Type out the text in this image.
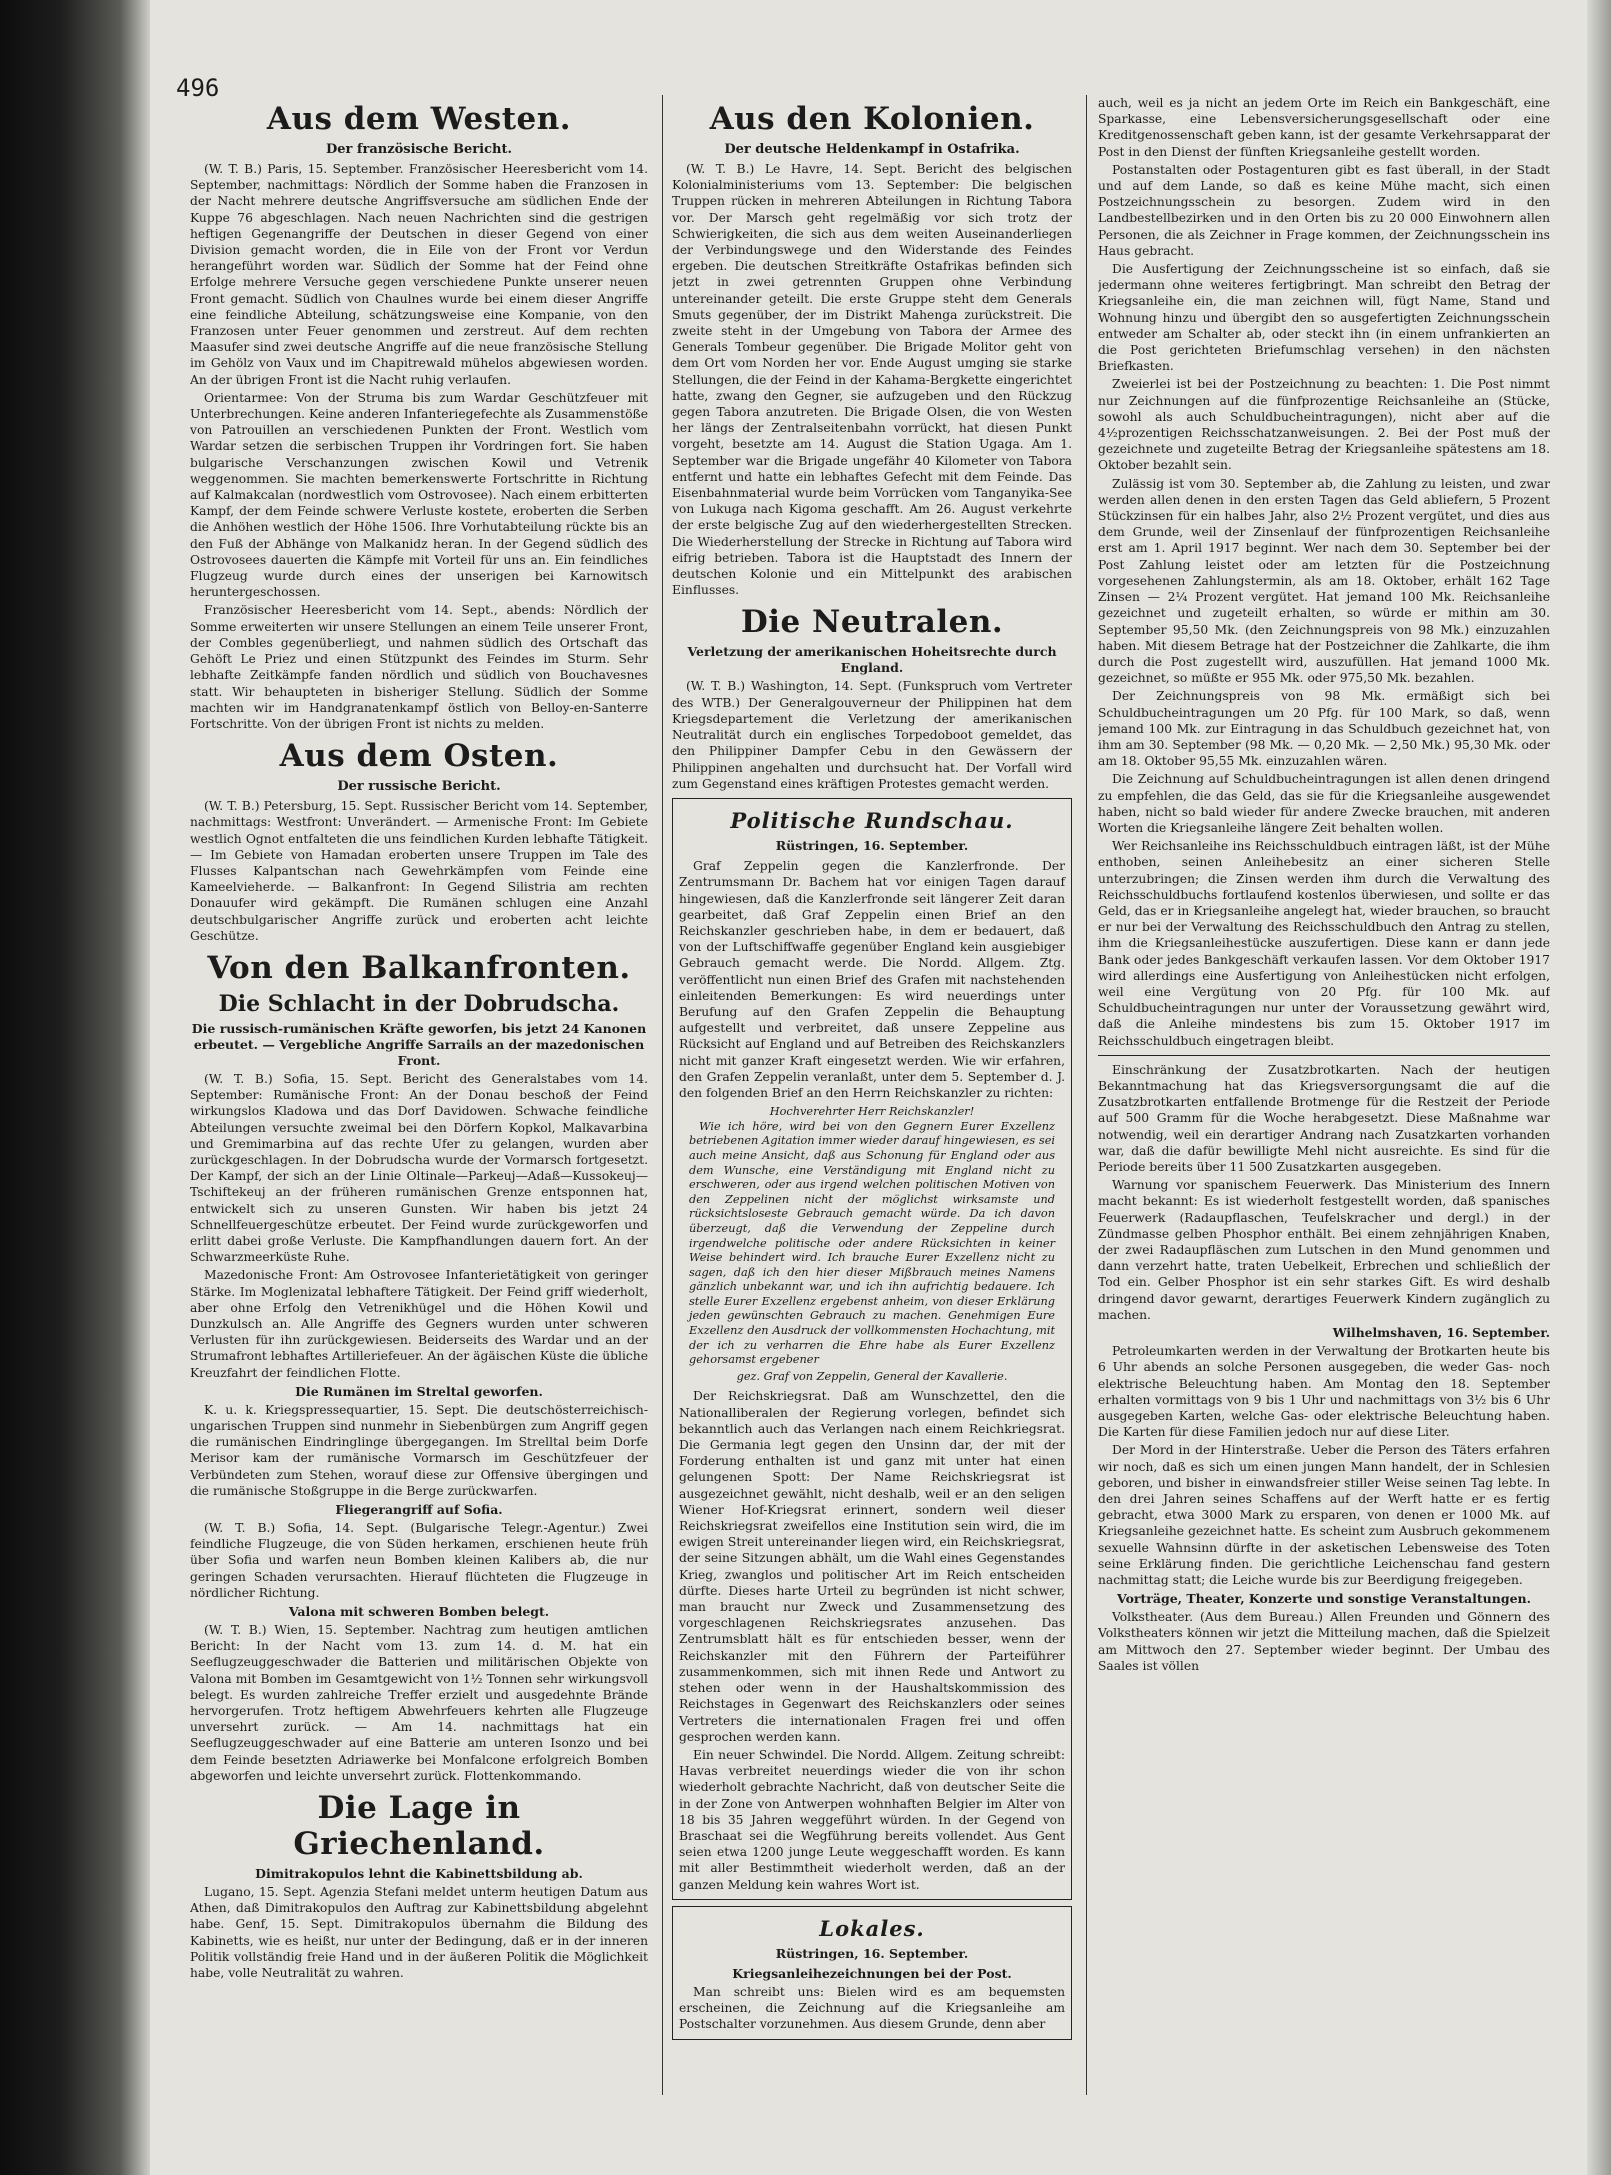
496
Aus dem Westen.
Der französische Bericht.

(W. T. B.) Paris, 15. September. Französischer Heeresbericht vom 14. September, nachmittags: Nördlich der Somme haben die Franzosen in der Nacht mehrere deutsche Angriffsversuche am südlichen Ende der Kuppe 76 abgeschlagen. Nach neuen Nachrichten sind die gestrigen heftigen Gegenangriffe der Deutschen in dieser Gegend von einer Division gemacht worden, die in Eile von der Front vor Verdun herangeführt worden war. Südlich der Somme hat der Feind ohne Erfolge mehrere Versuche gegen verschiedene Punkte unserer neuen Front gemacht. Südlich von Chaulnes wurde bei einem dieser Angriffe eine feindliche Abteilung, schätzungsweise eine Kompanie, von den Franzosen unter Feuer genommen und zerstreut. Auf dem rechten Maasufer sind zwei deutsche Angriffe auf die neue französische Stellung im Gehölz von Vaux und im Chapitrewald mühelos abgewiesen worden. An der übrigen Front ist die Nacht ruhig verlaufen.

Orientarmee: Von der Struma bis zum Wardar Geschützfeuer mit Unterbrechungen. Keine anderen Infanteriegefechte als Zusammenstöße von Patrouillen an verschiedenen Punkten der Front. Westlich vom Wardar setzen die serbischen Truppen ihr Vordringen fort. Sie haben bulgarische Verschanzungen zwischen Kowil und Vetrenik weggenommen. Sie machten bemerkenswerte Fortschritte in Richtung auf Kalmakcalan (nordwestlich vom Ostrovosee). Nach einem erbitterten Kampf, der dem Feinde schwere Verluste kostete, eroberten die Serben die Anhöhen westlich der Höhe 1506. Ihre Vorhutabteilung rückte bis an den Fuß der Abhänge von Malkanidz heran. In der Gegend südlich des Ostrovosees dauerten die Kämpfe mit Vorteil für uns an. Ein feindliches Flugzeug wurde durch eines der unserigen bei Karnowitsch heruntergeschossen.

Französischer Heeresbericht vom 14. Sept., abends: Nördlich der Somme erweiterten wir unsere Stellungen an einem Teile unserer Front, der Combles gegenüberliegt, und nahmen südlich des Ortschaft das Gehöft Le Priez und einen Stützpunkt des Feindes im Sturm. Sehr lebhafte Zeitkämpfe fanden nördlich und südlich von Bouchavesnes statt. Wir behaupteten in bisheriger Stellung. Südlich der Somme machten wir im Handgranatenkampf östlich von Belloy-en-Santerre Fortschritte. Von der übrigen Front ist nichts zu melden.

Aus dem Osten.
Der russische Bericht.

(W. T. B.) Petersburg, 15. Sept. Russischer Bericht vom 14. September, nachmittags: Westfront: Unverändert. — Armenische Front: Im Gebiete westlich Ognot entfalteten die uns feindlichen Kurden lebhafte Tätigkeit. — Im Gebiete von Hamadan eroberten unsere Truppen im Tale des Flusses Kalpantschan nach Gewehrkämpfen vom Feinde eine Kameelvieherde. — Balkanfront: In Gegend Silistria am rechten Donauufer wird gekämpft. Die Rumänen schlugen eine Anzahl deutschbulgarischer Angriffe zurück und eroberten acht leichte Geschütze.

Von den Balkanfronten.
Die Schlacht in der Dobrudscha.
Die russisch-rumänischen Kräfte geworfen, bis jetzt 24 Kanonen erbeutet. — Vergebliche Angriffe Sarrails an der mazedonischen Front.

(W. T. B.) Sofia, 15. Sept. Bericht des Generalstabes vom 14. September: Rumänische Front: An der Donau beschoß der Feind wirkungslos Kladowa und das Dorf Davidowen. Schwache feindliche Abteilungen versuchte zweimal bei den Dörfern Kopkol, Malkavarbina und Gremimarbina auf das rechte Ufer zu gelangen, wurden aber zurückgeschlagen. In der Dobrudscha wurde der Vormarsch fortgesetzt. Der Kampf, der sich an der Linie Oltinale—Parkeuj—Adaß—Kussokeuj—Tschiftekeuj an der früheren rumänischen Grenze entsponnen hat, entwickelt sich zu unseren Gunsten. Wir haben bis jetzt 24 Schnellfeuergeschütze erbeutet. Der Feind wurde zurückgeworfen und erlitt dabei große Verluste. Die Kampfhandlungen dauern fort. An der Schwarzmeerküste Ruhe.

Mazedonische Front: Am Ostrovosee Infanterietätigkeit von geringer Stärke. Im Moglenizatal lebhaftere Tätigkeit. Der Feind griff wiederholt, aber ohne Erfolg den Vetrenikhügel und die Höhen Kowil und Dunzkulsch an. Alle Angriffe des Gegners wurden unter schweren Verlusten für ihn zurückgewiesen. Beiderseits des Wardar und an der Strumafront lebhaftes Artilleriefeuer. An der ägäischen Küste die übliche Kreuzfahrt der feindlichen Flotte.

Die Rumänen im Streltal geworfen.

K. u. k. Kriegspressequartier, 15. Sept. Die deutschösterreichisch-ungarischen Truppen sind nunmehr in Siebenbürgen zum Angriff gegen die rumänischen Eindringlinge übergegangen. Im Strelltal beim Dorfe Merisor kam der rumänische Vormarsch im Geschützfeuer der Verbündeten zum Stehen, worauf diese zur Offensive übergingen und die rumänische Stoßgruppe in die Berge zurückwarfen.

Fliegerangriff auf Sofia.

(W. T. B.) Sofia, 14. Sept. (Bulgarische Telegr.-Agentur.) Zwei feindliche Flugzeuge, die von Süden herkamen, erschienen heute früh über Sofia und warfen neun Bomben kleinen Kalibers ab, die nur geringen Schaden verursachten. Hierauf flüchteten die Flugzeuge in nördlicher Richtung.

Valona mit schweren Bomben belegt.

(W. T. B.) Wien, 15. September. Nachtrag zum heutigen amtlichen Bericht: In der Nacht vom 13. zum 14. d. M. hat ein Seeflugzeuggeschwader die Batterien und militärischen Objekte von Valona mit Bomben im Gesamtgewicht von 1½ Tonnen sehr wirkungsvoll belegt. Es wurden zahlreiche Treffer erzielt und ausgedehnte Brände hervorgerufen. Trotz heftigem Abwehrfeuers kehrten alle Flugzeuge unversehrt zurück. — Am 14. nachmittags hat ein Seeflugzeuggeschwader auf eine Batterie am unteren Isonzo und bei dem Feinde besetzten Adriawerke bei Monfalcone erfolgreich Bomben abgeworfen und leichte unversehrt zurück. Flottenkommando.

Die Lage in Griechenland.
Dimitrakopulos lehnt die Kabinettsbildung ab.

Lugano, 15. Sept. Agenzia Stefani meldet unterm heutigen Datum aus Athen, daß Dimitrakopulos den Auftrag zur Kabinettsbildung abgelehnt habe. Genf, 15. Sept. Dimitrakopulos übernahm die Bildung des Kabinetts, wie es heißt, nur unter der Bedingung, daß er in der inneren Politik vollständig freie Hand und in der äußeren Politik die Möglichkeit habe, volle Neutralität zu wahren.

Aus den Kolonien.
Der deutsche Heldenkampf in Ostafrika.

(W. T. B.) Le Havre, 14. Sept. Bericht des belgischen Kolonialministeriums vom 13. September: Die belgischen Truppen rücken in mehreren Abteilungen in Richtung Tabora vor. Der Marsch geht regelmäßig vor sich trotz der Schwierigkeiten, die sich aus dem weiten Auseinanderliegen der Verbindungswege und den Widerstande des Feindes ergeben. Die deutschen Streitkräfte Ostafrikas befinden sich jetzt in zwei getrennten Gruppen ohne Verbindung untereinander geteilt. Die erste Gruppe steht dem Generals Smuts gegenüber, der im Distrikt Mahenga zurückstreit. Die zweite steht in der Umgebung von Tabora der Armee des Generals Tombeur gegenüber. Die Brigade Molitor geht von dem Ort vom Norden her vor. Ende August umging sie starke Stellungen, die der Feind in der Kahama-Bergkette eingerichtet hatte, zwang den Gegner, sie aufzugeben und den Rückzug gegen Tabora anzutreten. Die Brigade Olsen, die von Westen her längs der Zentralseitenbahn vorrückt, hat diesen Punkt vorgeht, besetzte am 14. August die Station Ugaga. Am 1. September war die Brigade ungefähr 40 Kilometer von Tabora entfernt und hatte ein lebhaftes Gefecht mit dem Feinde. Das Eisenbahnmaterial wurde beim Vorrücken vom Tanganyika-See von Lukuga nach Kigoma geschafft. Am 26. August verkehrte der erste belgische Zug auf den wiederhergestellten Strecken. Die Wiederherstellung der Strecke in Richtung auf Tabora wird eifrig betrieben. Tabora ist die Hauptstadt des Innern der deutschen Kolonie und ein Mittelpunkt des arabischen Einflusses.

Die Neutralen.
Verletzung der amerikanischen Hoheitsrechte durch England.

(W. T. B.) Washington, 14. Sept. (Funkspruch vom Vertreter des WTB.) Der Generalgouverneur der Philippinen hat dem Kriegsdepartement die Verletzung der amerikanischen Neutralität durch ein englisches Torpedoboot gemeldet, das den Philippiner Dampfer Cebu in den Gewässern der Philippinen angehalten und durchsucht hat. Der Vorfall wird zum Gegenstand eines kräftigen Protestes gemacht werden.

Politische Rundschau.
Rüstringen, 16. September.

Graf Zeppelin gegen die Kanzlerfronde. Der Zentrumsmann Dr. Bachem hat vor einigen Tagen darauf hingewiesen, daß die Kanzlerfronde seit längerer Zeit daran gearbeitet, daß Graf Zeppelin einen Brief an den Reichskanzler geschrieben habe, in dem er bedauert, daß von der Luftschiffwaffe gegenüber England kein ausgiebiger Gebrauch gemacht werde. Die Nordd. Allgem. Ztg. veröffentlicht nun einen Brief des Grafen mit nachstehenden einleitenden Bemerkungen: Es wird neuerdings unter Berufung auf den Grafen Zeppelin die Behauptung aufgestellt und verbreitet, daß unsere Zeppeline aus Rücksicht auf England und auf Betreiben des Reichskanzlers nicht mit ganzer Kraft eingesetzt werden. Wie wir erfahren, den Grafen Zeppelin veranlaßt, unter dem 5. September d. J. den folgenden Brief an den Herrn Reichskanzler zu richten:

Hochverehrter Herr Reichskanzler!

Wie ich höre, wird bei von den Gegnern Eurer Exzellenz betriebenen Agitation immer wieder darauf hingewiesen, es sei auch meine Ansicht, daß aus Schonung für England oder aus dem Wunsche, eine Verständigung mit England nicht zu erschweren, oder aus irgend welchen politischen Motiven von den Zeppelinen nicht der möglichst wirksamste und rücksichtsloseste Gebrauch gemacht würde. Da ich davon überzeugt, daß die Verwendung der Zeppeline durch irgendwelche politische oder andere Rücksichten in keiner Weise behindert wird. Ich brauche Eurer Exzellenz nicht zu sagen, daß ich den hier dieser Mißbrauch meines Namens gänzlich unbekannt war, und ich ihn aufrichtig bedauere. Ich stelle Eurer Exzellenz ergebenst anheim, von dieser Erklärung jeden gewünschten Gebrauch zu machen. Genehmigen Eure Exzellenz den Ausdruck der vollkommensten Hochachtung, mit der ich zu verharren die Ehre habe als Eurer Exzellenz gehorsamst ergebener

gez. Graf von Zeppelin, General der Kavallerie.

Der Reichskriegsrat. Daß am Wunschzettel, den die Nationalliberalen der Regierung vorlegen, befindet sich bekanntlich auch das Verlangen nach einem Reichkriegsrat. Die Germania legt gegen den Unsinn dar, der mit der Forderung enthalten ist und ganz mit unter hat einen gelungenen Spott: Der Name Reichskriegsrat ist ausgezeichnet gewählt, nicht deshalb, weil er an den seligen Wiener Hof-Kriegsrat erinnert, sondern weil dieser Reichskriegsrat zweifellos eine Institution sein wird, die im ewigen Streit untereinander liegen wird, ein Reichskriegsrat, der seine Sitzungen abhält, um die Wahl eines Gegenstandes Krieg, zwanglos und politischer Art im Reich entscheiden dürfte. Dieses harte Urteil zu begründen ist nicht schwer, man braucht nur Zweck und Zusammensetzung des vorgeschlagenen Reichskriegsrates anzusehen. Das Zentrumsblatt hält es für entschieden besser, wenn der Reichskanzler mit den Führern der Parteiführer zusammenkommen, sich mit ihnen Rede und Antwort zu stehen oder wenn in der Haushaltskommission des Reichstages in Gegenwart des Reichskanzlers oder seines Vertreters die internationalen Fragen frei und offen gesprochen werden kann.

Ein neuer Schwindel. Die Nordd. Allgem. Zeitung schreibt: Havas verbreitet neuerdings wieder die von ihr schon wiederholt gebrachte Nachricht, daß von deutscher Seite die in der Zone von Antwerpen wohnhaften Belgier im Alter von 18 bis 35 Jahren weggeführt würden. In der Gegend von Braschaat sei die Wegführung bereits vollendet. Aus Gent seien etwa 1200 junge Leute weggeschafft worden. Es kann mit aller Bestimmtheit wiederholt werden, daß an der ganzen Meldung kein wahres Wort ist.

Lokales.
Rüstringen, 16. September.
Kriegsanleihezeichnungen bei der Post.

Man schreibt uns: Bielen wird es am bequemsten erscheinen, die Zeichnung auf die Kriegsanleihe am Postschalter vorzunehmen. Aus diesem Grunde, denn aber

auch, weil es ja nicht an jedem Orte im Reich ein Bankgeschäft, eine Sparkasse, eine Lebensversicherungsgesellschaft oder eine Kreditgenossenschaft geben kann, ist der gesamte Verkehrsapparat der Post in den Dienst der fünften Kriegsanleihe gestellt worden.

Postanstalten oder Postagenturen gibt es fast überall, in der Stadt und auf dem Lande, so daß es keine Mühe macht, sich einen Postzeichnungsschein zu besorgen. Zudem wird in den Landbestellbezirken und in den Orten bis zu 20 000 Einwohnern allen Personen, die als Zeichner in Frage kommen, der Zeichnungsschein ins Haus gebracht.

Die Ausfertigung der Zeichnungsscheine ist so einfach, daß sie jedermann ohne weiteres fertigbringt. Man schreibt den Betrag der Kriegsanleihe ein, die man zeichnen will, fügt Name, Stand und Wohnung hinzu und übergibt den so ausgefertigten Zeichnungsschein entweder am Schalter ab, oder steckt ihn (in einem unfrankierten an die Post gerichteten Briefumschlag versehen) in den nächsten Briefkasten.

Zweierlei ist bei der Postzeichnung zu beachten: 1. Die Post nimmt nur Zeichnungen auf die fünfprozentige Reichsanleihe an (Stücke, sowohl als auch Schuldbucheintragungen), nicht aber auf die 4½prozentigen Reichsschatzanweisungen. 2. Bei der Post muß der gezeichnete und zugeteilte Betrag der Kriegsanleihe spätestens am 18. Oktober bezahlt sein.

Zulässig ist vom 30. September ab, die Zahlung zu leisten, und zwar werden allen denen in den ersten Tagen das Geld abliefern, 5 Prozent Stückzinsen für ein halbes Jahr, also 2½ Prozent vergütet, und dies aus dem Grunde, weil der Zinsenlauf der fünfprozentigen Reichsanleihe erst am 1. April 1917 beginnt. Wer nach dem 30. September bei der Post Zahlung leistet oder am letzten für die Postzeichnung vorgesehenen Zahlungstermin, als am 18. Oktober, erhält 162 Tage Zinsen — 2¼ Prozent vergütet. Hat jemand 100 Mk. Reichsanleihe gezeichnet und zugeteilt erhalten, so würde er mithin am 30. September 95,50 Mk. (den Zeichnungspreis von 98 Mk.) einzuzahlen haben. Mit diesem Betrage hat der Postzeichner die Zahlkarte, die ihm durch die Post zugestellt wird, auszufüllen. Hat jemand 1000 Mk. gezeichnet, so müßte er 955 Mk. oder 975,50 Mk. bezahlen.

Der Zeichnungspreis von 98 Mk. ermäßigt sich bei Schuldbucheintragungen um 20 Pfg. für 100 Mark, so daß, wenn jemand 100 Mk. zur Eintragung in das Schuldbuch gezeichnet hat, von ihm am 30. September (98 Mk. — 0,20 Mk. — 2,50 Mk.) 95,30 Mk. oder am 18. Oktober 95,55 Mk. einzuzahlen wären.

Die Zeichnung auf Schuldbucheintragungen ist allen denen dringend zu empfehlen, die das Geld, das sie für die Kriegsanleihe ausgewendet haben, nicht so bald wieder für andere Zwecke brauchen, mit anderen Worten die Kriegsanleihe längere Zeit behalten wollen.

Wer Reichsanleihe ins Reichsschuldbuch eintragen läßt, ist der Mühe enthoben, seinen Anleihebesitz an einer sicheren Stelle unterzubringen; die Zinsen werden ihm durch die Verwaltung des Reichsschuldbuchs fortlaufend kostenlos überwiesen, und sollte er das Geld, das er in Kriegsanleihe angelegt hat, wieder brauchen, so braucht er nur bei der Verwaltung des Reichsschuldbuch den Antrag zu stellen, ihm die Kriegsanleihestücke auszufertigen. Diese kann er dann jede Bank oder jedes Bankgeschäft verkaufen lassen. Vor dem Oktober 1917 wird allerdings eine Ausfertigung von Anleihestücken nicht erfolgen, weil eine Vergütung von 20 Pfg. für 100 Mk. auf Schuldbucheintragungen nur unter der Voraussetzung gewährt wird, daß die Anleihe mindestens bis zum 15. Oktober 1917 im Reichsschuldbuch eingetragen bleibt.

Einschränkung der Zusatzbrotkarten. Nach der heutigen Bekanntmachung hat das Kriegsversorgungsamt die auf die Zusatzbrotkarten entfallende Brotmenge für die Restzeit der Periode auf 500 Gramm für die Woche herabgesetzt. Diese Maßnahme war notwendig, weil ein derartiger Andrang nach Zusatzkarten vorhanden war, daß die dafür bewilligte Mehl nicht ausreichte. Es sind für die Periode bereits über 11 500 Zusatzkarten ausgegeben.

Warnung vor spanischem Feuerwerk. Das Ministerium des Innern macht bekannt: Es ist wiederholt festgestellt worden, daß spanisches Feuerwerk (Radaupflaschen, Teufelskracher und dergl.) in der Zündmasse gelben Phosphor enthält. Bei einem zehnjährigen Knaben, der zwei Radaupfläschen zum Lutschen in den Mund genommen und dann verzehrt hatte, traten Uebelkeit, Erbrechen und schließlich der Tod ein. Gelber Phosphor ist ein sehr starkes Gift. Es wird deshalb dringend davor gewarnt, derartiges Feuerwerk Kindern zugänglich zu machen.

Wilhelmshaven, 16. September.

Petroleumkarten werden in der Verwaltung der Brotkarten heute bis 6 Uhr abends an solche Personen ausgegeben, die weder Gas- noch elektrische Beleuchtung haben. Am Montag den 18. September erhalten vormittags von 9 bis 1 Uhr und nachmittags von 3½ bis 6 Uhr ausgegeben Karten, welche Gas- oder elektrische Beleuchtung haben. Die Karten für diese Familien jedoch nur auf diese Liter.

Der Mord in der Hinterstraße. Ueber die Person des Täters erfahren wir noch, daß es sich um einen jungen Mann handelt, der in Schlesien geboren, und bisher in einwandsfreier stiller Weise seinen Tag lebte. In den drei Jahren seines Schaffens auf der Werft hatte er es fertig gebracht, etwa 3000 Mark zu ersparen, von denen er 1000 Mk. auf Kriegsanleihe gezeichnet hatte. Es scheint zum Ausbruch gekommenem sexuelle Wahnsinn dürfte in der asketischen Lebensweise des Toten seine Erklärung finden. Die gerichtliche Leichenschau fand gestern nachmittag statt; die Leiche wurde bis zur Beerdigung freigegeben.

Vorträge, Theater, Konzerte und sonstige Veranstaltungen.

Volkstheater. (Aus dem Bureau.) Allen Freunden und Gönnern des Volkstheaters können wir jetzt die Mitteilung machen, daß die Spielzeit am Mittwoch den 27. September wieder beginnt. Der Umbau des Saales ist völlen
